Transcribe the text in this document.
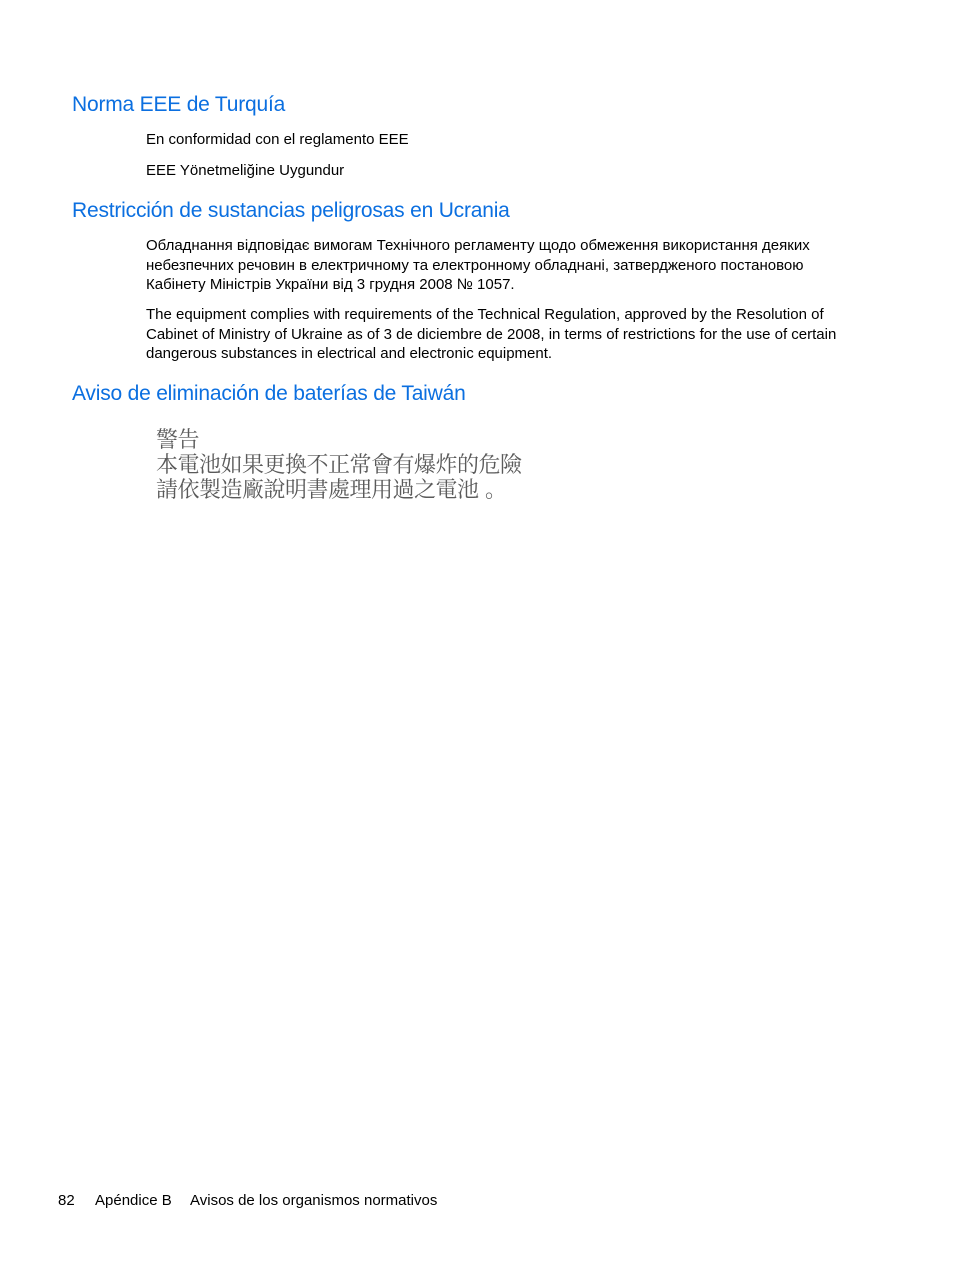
Norma EEE de Turquía

En conformidad con el reglamento EEE

EEE Yönetmeliğine Uygundur

Restricción de sustancias peligrosas en Ucrania

Обладнання відповідає вимогам Технічного регламенту щодо обмеження використання деяких небезпечних речовин в електричному та електронному обладнані, затвердженого постановою Кабінету Міністрів України від 3 грудня 2008 № 1057.

The equipment complies with requirements of the Technical Regulation, approved by the Resolution of Cabinet of Ministry of Ukraine as of 3 de diciembre de 2008, in terms of restrictions for the use of certain dangerous substances in electrical and electronic equipment.

Aviso de eliminación de baterías de Taiwán
警告
本電池如果更換不正常會有爆炸的危險
請依製造廠說明書處理用過之電池 。
82 Apéndice B Avisos de los organismos normativos
